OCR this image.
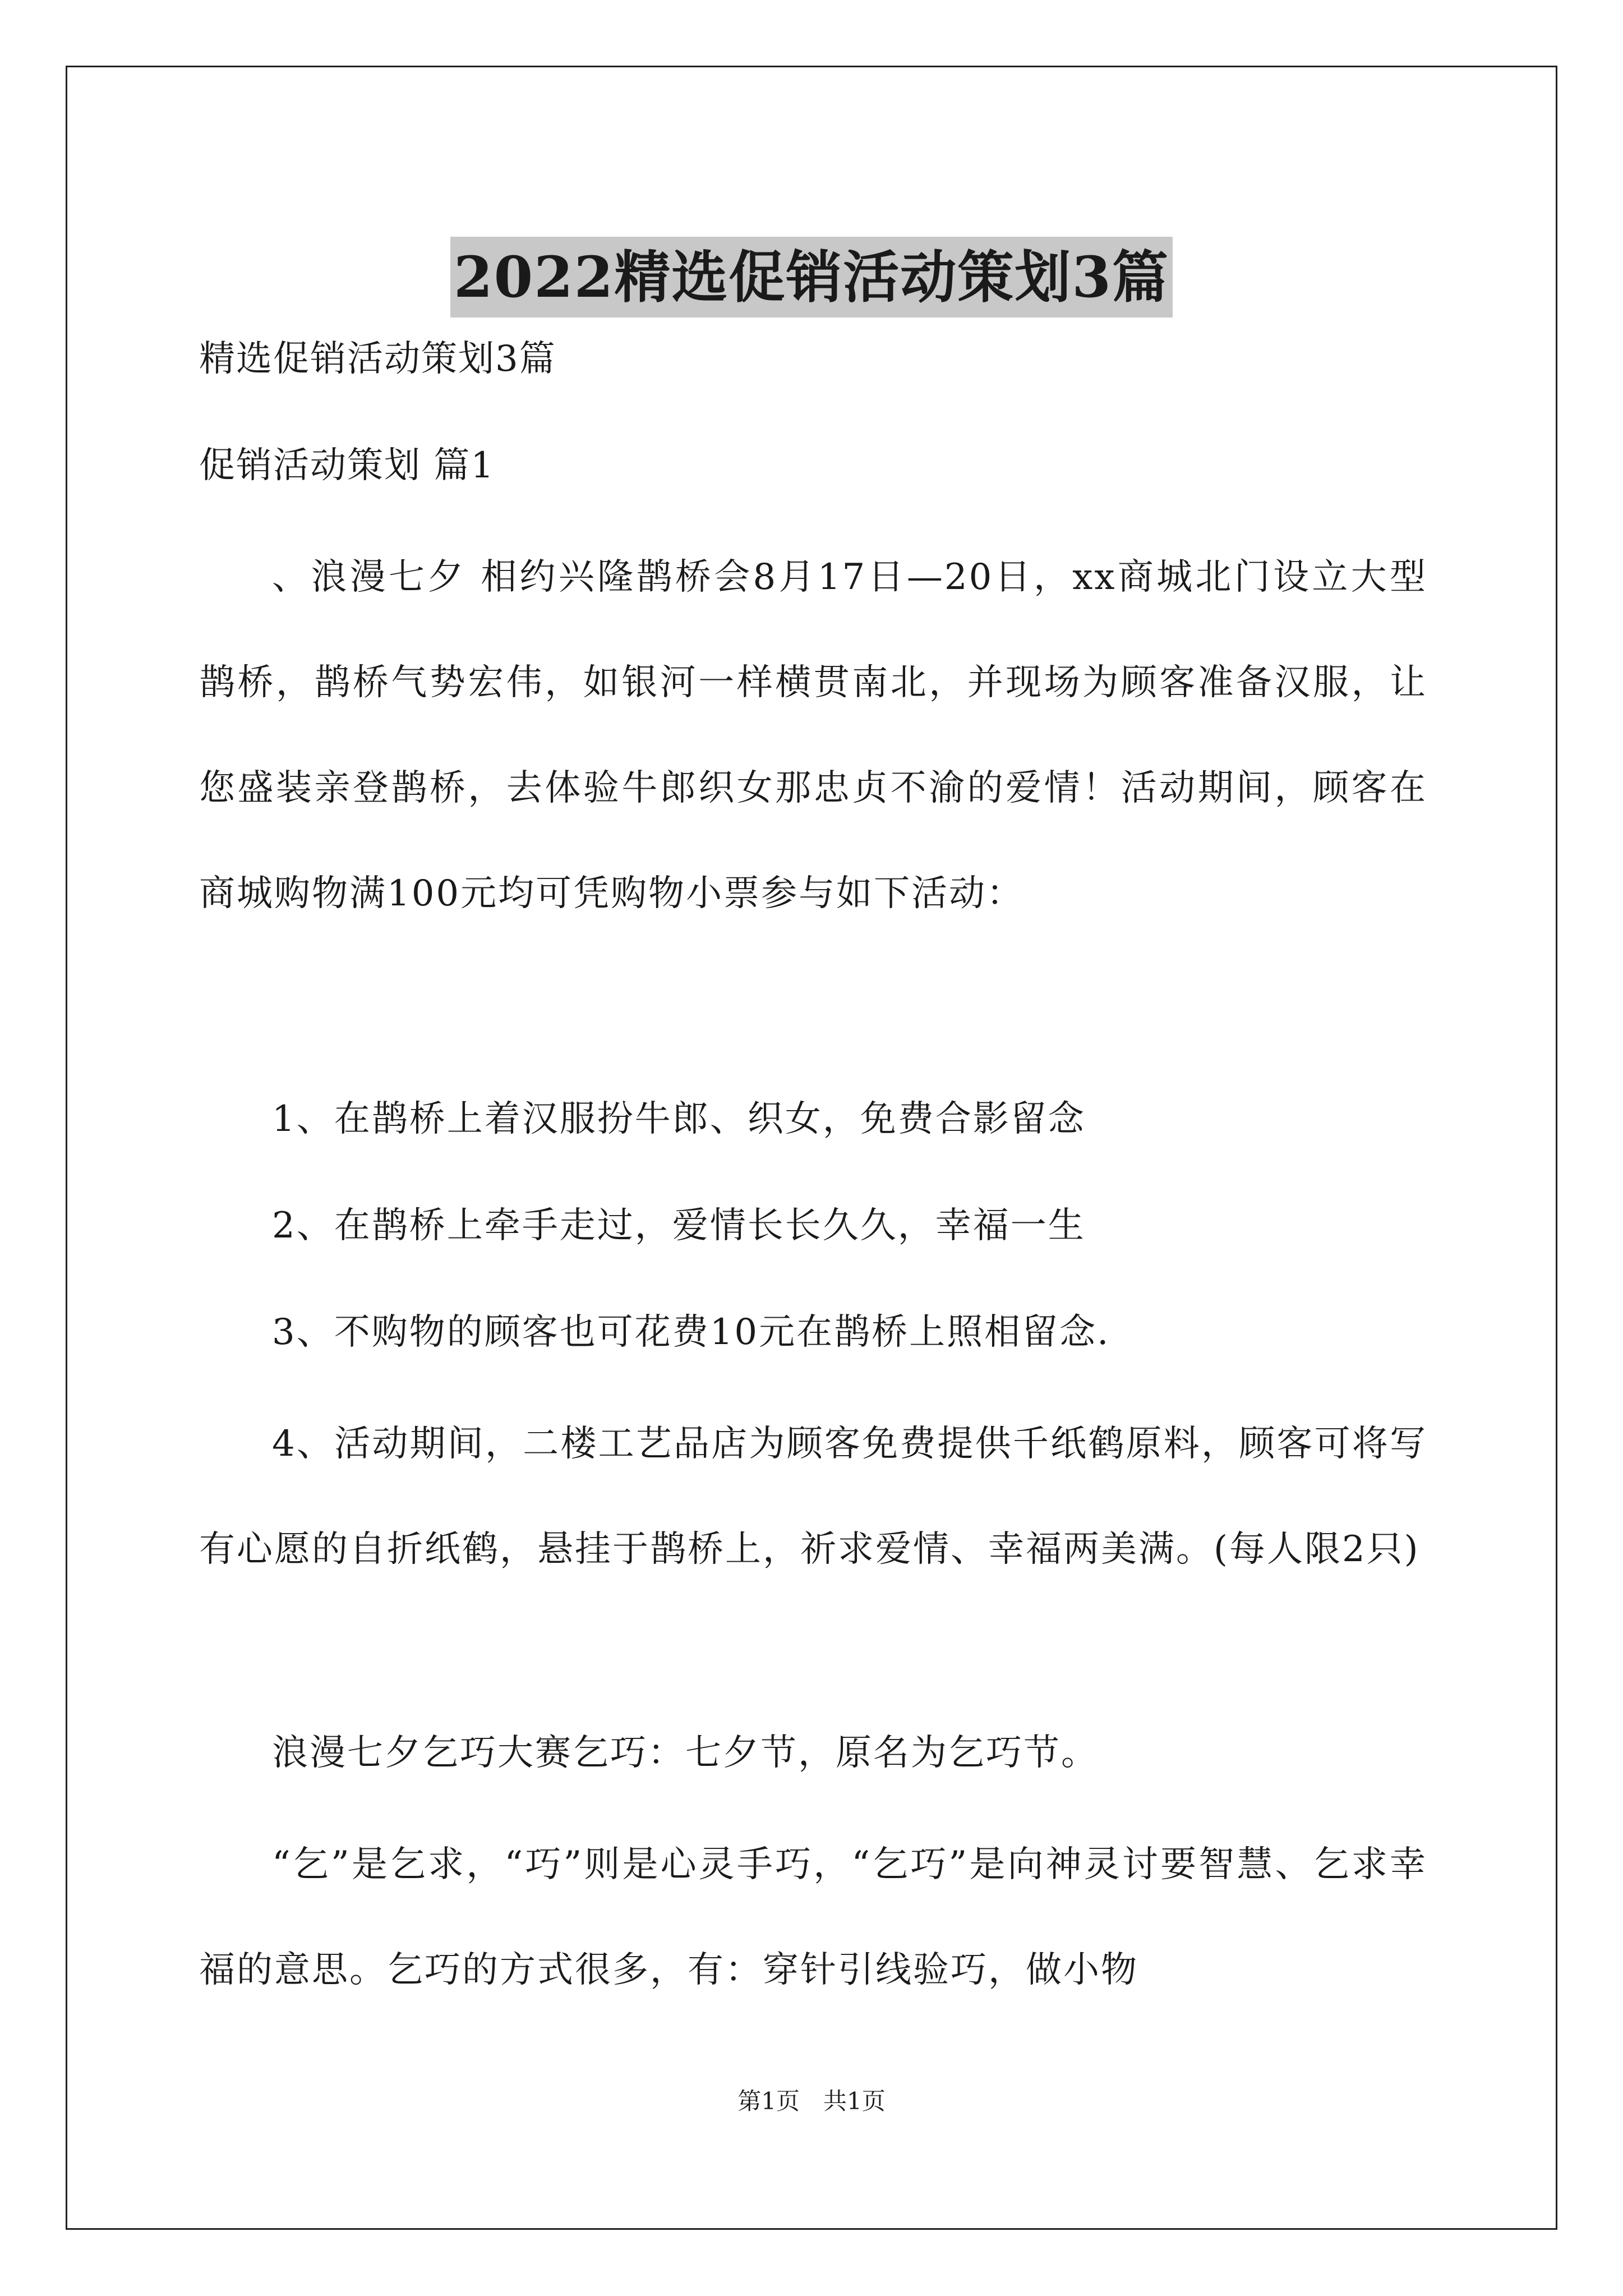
2022精选促销活动策划3篇

精选促销活动策划3篇

促销活动策划 篇1

、浪漫七夕 相约兴隆鹊桥会8月17日—20日，xx商城北门设立大型鹊桥，鹊桥气势宏伟，如银河一样横贯南北，并现场为顾客准备汉服，让您盛装亲登鹊桥，去体验牛郎织女那忠贞不渝的爱情！活动期间，顾客在商城购物满100元均可凭购物小票参与如下活动：

1、在鹊桥上着汉服扮牛郎、织女，免费合影留念

2、在鹊桥上牵手走过，爱情长长久久，幸福一生

3、不购物的顾客也可花费10元在鹊桥上照相留念.

4、活动期间，二楼工艺品店为顾客免费提供千纸鹤原料，顾客可将写有心愿的自折纸鹤，悬挂于鹊桥上，祈求爱情、幸福两美满。(每人限2只)

浪漫七夕乞巧大赛乞巧：七夕节，原名为乞巧节。

“乞”是乞求，“巧”则是心灵手巧，“乞巧”是向神灵讨要智慧、乞求幸福的意思。乞巧的方式很多，有：穿针引线验巧，做小物

第1页　共1页
